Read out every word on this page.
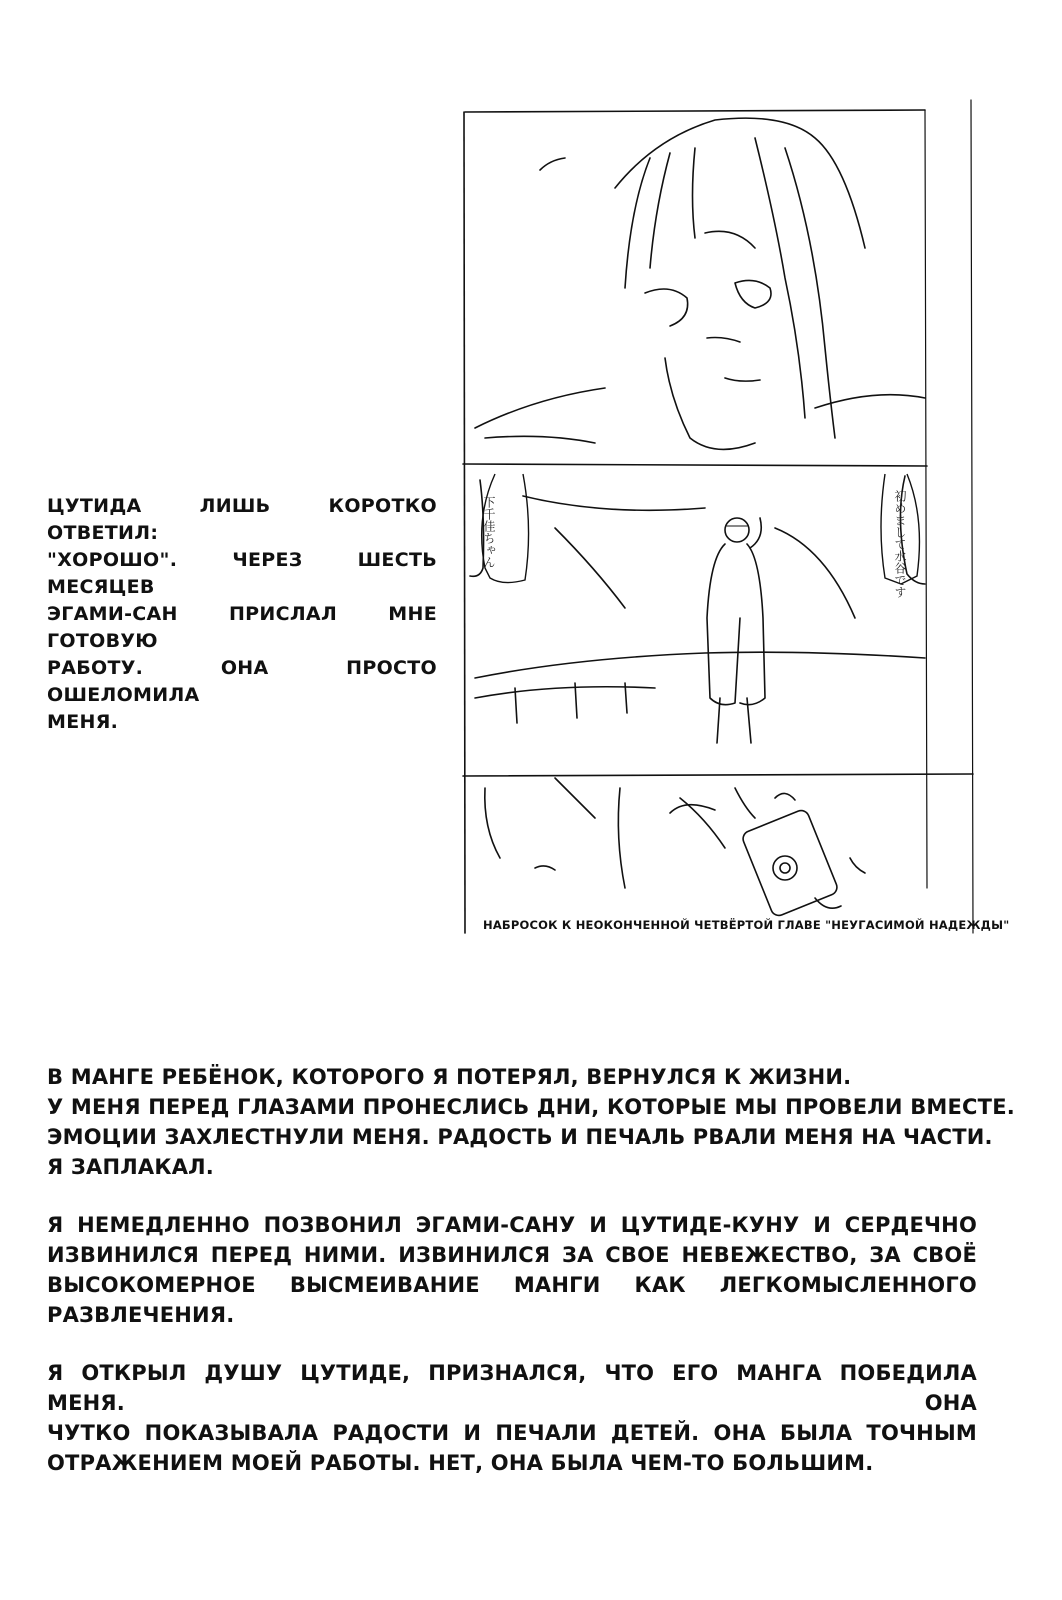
ЦУТИДА ЛИШЬ КОРОТКО ОТВЕТИЛ:
"ХОРОШО". ЧЕРЕЗ ШЕСТЬ МЕСЯЦЕВ
ЭГАМИ-САН ПРИСЛАЛ МНЕ ГОТОВУЮ
РАБОТУ. ОНА ПРОСТО ОШЕЛОМИЛА
МЕНЯ.
下千佳ちゃん	初めまして水谷です
НАБРОСОК К НЕОКОНЧЕННОЙ ЧЕТВЁРТОЙ ГЛАВЕ "НЕУГАСИМОЙ НАДЕЖДЫ"

В МАНГЕ РЕБЁНОК, КОТОРОГО Я ПОТЕРЯЛ, ВЕРНУЛСЯ К ЖИЗНИ.
У МЕНЯ ПЕРЕД ГЛАЗАМИ ПРОНЕСЛИСЬ ДНИ, КОТОРЫЕ МЫ ПРОВЕЛИ ВМЕСТЕ.
ЭМОЦИИ ЗАХЛЕСТНУЛИ МЕНЯ. РАДОСТЬ И ПЕЧАЛЬ РВАЛИ МЕНЯ НА ЧАСТИ.
Я ЗАПЛАКАЛ.

Я НЕМЕДЛЕННО ПОЗВОНИЛ ЭГАМИ-САНУ И ЦУТИДЕ-КУНУ И СЕРДЕЧНО
ИЗВИНИЛСЯ ПЕРЕД НИМИ. ИЗВИНИЛСЯ ЗА СВОЕ НЕВЕЖЕСТВО, ЗА СВОЁ
ВЫСОКОМЕРНОЕ ВЫСМЕИВАНИЕ МАНГИ КАК ЛЕГКОМЫСЛЕННОГО РАЗВЛЕЧЕНИЯ.

Я ОТКРЫЛ ДУШУ ЦУТИДЕ, ПРИЗНАЛСЯ, ЧТО ЕГО МАНГА ПОБЕДИЛА МЕНЯ. ОНА
ЧУТКО ПОКАЗЫВАЛА РАДОСТИ И ПЕЧАЛИ ДЕТЕЙ. ОНА БЫЛА ТОЧНЫМ
ОТРАЖЕНИЕМ МОЕЙ РАБОТЫ. НЕТ, ОНА БЫЛА ЧЕМ-ТО БОЛЬШИМ.
